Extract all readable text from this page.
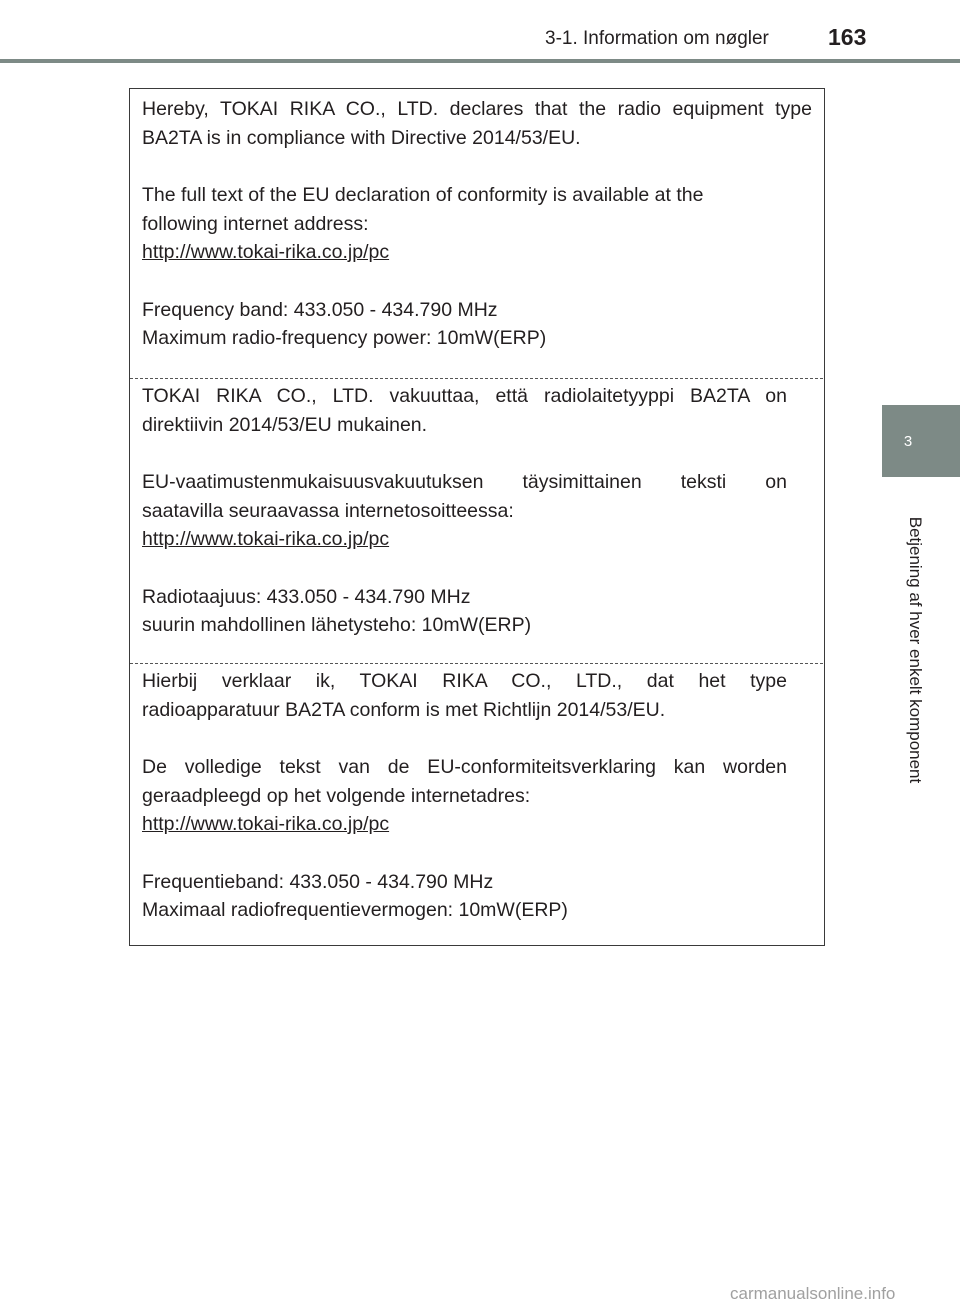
3-1. Information om nøgler	163
3
Betjening af hver enkelt komponent

Hereby, TOKAI RIKA CO., LTD. declares that the radio equipment type
BA2TA is in compliance with Directive 2014/53/EU.

The full text of the EU declaration of conformity is available at the
following internet address:
http://www.tokai-rika.co.jp/pc

Frequency band: 433.050 - 434.790 MHz
Maximum radio-frequency power: 10mW(ERP)

TOKAI RIKA CO., LTD. vakuuttaa, että radiolaitetyyppi BA2TA on
direktiivin 2014/53/EU mukainen.

EU-vaatimustenmukaisuusvakuutuksen täysimittainen teksti on
saatavilla seuraavassa internetosoitteessa:
http://www.tokai-rika.co.jp/pc

Radiotaajuus: 433.050 - 434.790 MHz
suurin mahdollinen lähetysteho: 10mW(ERP)

Hierbij verklaar ik, TOKAI RIKA CO., LTD., dat het type
radioapparatuur BA2TA conform is met Richtlijn 2014/53/EU.

De volledige tekst van de EU-conformiteitsverklaring kan worden
geraadpleegd op het volgende internetadres:
http://www.tokai-rika.co.jp/pc

Frequentieband: 433.050 - 434.790 MHz
Maximaal radiofrequentievermogen: 10mW(ERP)

carmanualsonline.info
